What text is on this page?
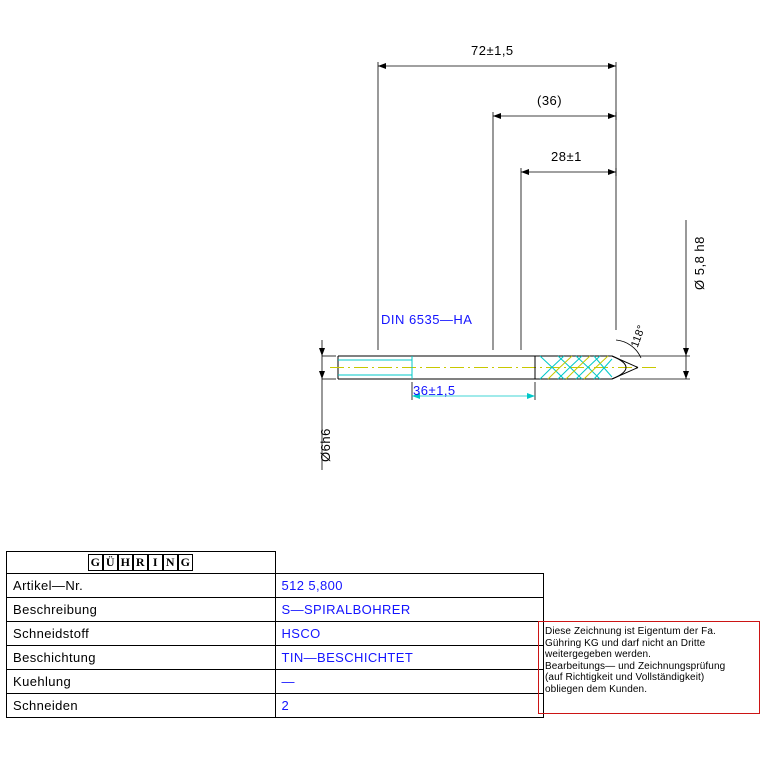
72±1,5
(36)
28±1
DIN 6535—HA
36±1,5
Ø 5,8 h8
Ø6h6
118°
G Ü H R I N G

Artikel—Nr.	512 5,800
Beschreibung	S—SPIRALBOHRER
Schneidstoff	HSCO
Beschichtung	TIN—BESCHICHTET
Kuehlung	—
Schneiden	2

Diese Zeichnung ist Eigentum der Fa.

Gühring KG und darf nicht an Dritte

weitergegeben werden.

Bearbeitungs— und Zeichnungsprüfung

(auf Richtigkeit und Vollständigkeit)

obliegen dem Kunden.
